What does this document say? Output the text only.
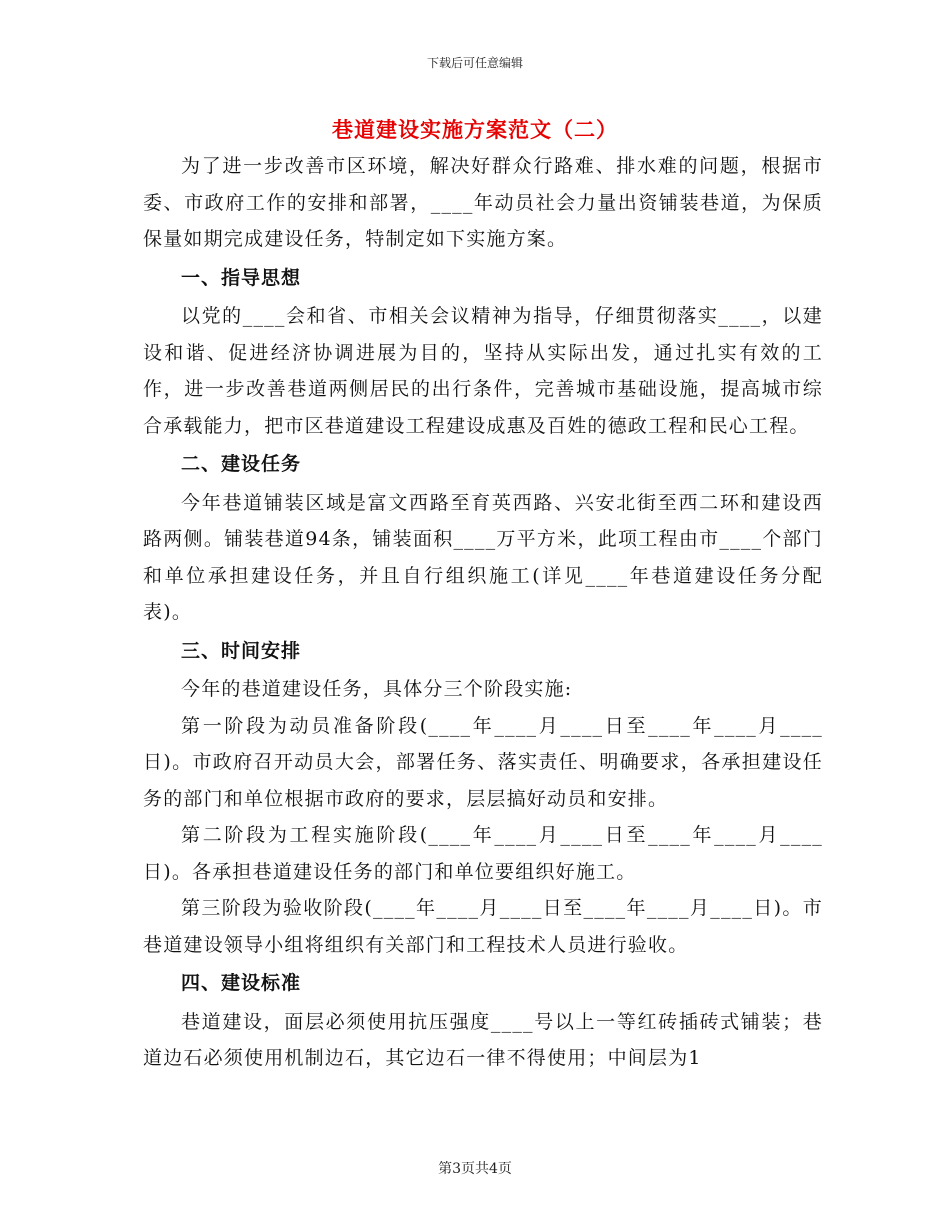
下载后可任意编辑
巷道建设实施方案范文（二）

为了进一步改善市区环境，解决好群众行路难、排水难的问题，根据市委、市政府工作的安排和部署，____年动员社会力量出资铺装巷道，为保质保量如期完成建设任务，特制定如下实施方案。

一、指导思想

以党的____会和省、市相关会议精神为指导，仔细贯彻落实____，以建设和谐、促进经济协调进展为目的，坚持从实际出发，通过扎实有效的工作，进一步改善巷道两侧居民的出行条件，完善城市基础设施，提高城市综合承载能力，把市区巷道建设工程建设成惠及百姓的德政工程和民心工程。

二、建设任务

今年巷道铺装区域是富文西路至育英西路、兴安北街至西二环和建设西路两侧。铺装巷道94条，铺装面积____万平方米，此项工程由市____个部门和单位承担建设任务，并且自行组织施工(详见____年巷道建设任务分配表)。

三、时间安排

今年的巷道建设任务，具体分三个阶段实施:

第一阶段为动员准备阶段(____年____月____日至____年____月____日)。市政府召开动员大会，部署任务、落实责任、明确要求，各承担建设任务的部门和单位根据市政府的要求，层层搞好动员和安排。

第二阶段为工程实施阶段(____年____月____日至____年____月____日)。各承担巷道建设任务的部门和单位要组织好施工。

第三阶段为验收阶段(____年____月____日至____年____月____日)。市巷道建设领导小组将组织有关部门和工程技术人员进行验收。

四、建设标准

巷道建设，面层必须使用抗压强度____号以上一等红砖插砖式铺装；巷道边石必须使用机制边石，其它边石一律不得使用；中间层为1

第3页共4页
